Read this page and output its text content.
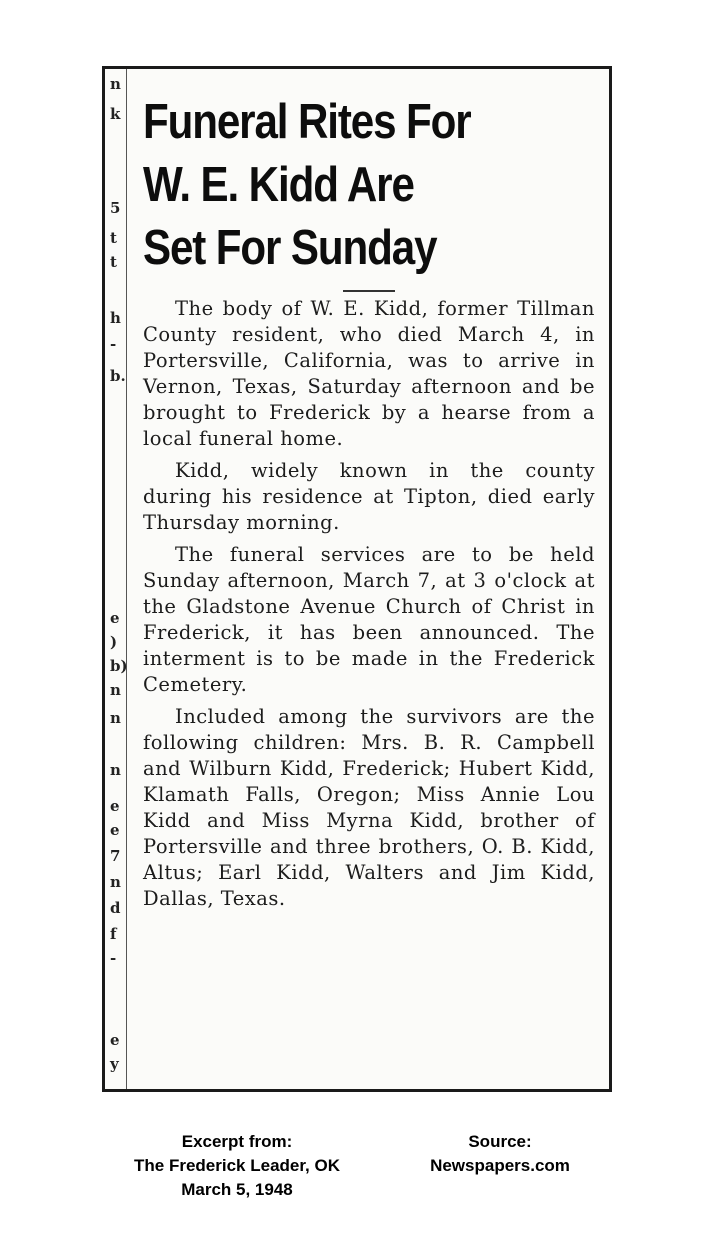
n
k
5
t
t
h
-
b.
e
)
b)
n
n
n
e
e
7
n
d
f
-
e
y
Funeral Rites For
W. E. Kidd Are
Set For Sunday

The body of W. E. Kidd, former Tillman County resident, who died March 4, in Portersville, California, was to arrive in Vernon, Texas, Saturday afternoon and be brought to Frederick by a hearse from a local funeral home.

Kidd, widely known in the county during his residence at Tipton, died early Thursday morning.

The funeral services are to be held Sunday afternoon, March 7, at 3 o'clock at the Gladstone Avenue Church of Christ in Frederick, it has been announced. The interment is to be made in the Frederick Cemetery.

Included among the survivors are the following children: Mrs. B. R. Campbell and Wilburn Kidd, Frederick; Hubert Kidd, Klamath Falls, Oregon; Miss Annie Lou Kidd and Miss Myrna Kidd, brother of Portersville and three brothers, O. B. Kidd, Altus; Earl Kidd, Walters and Jim Kidd, Dallas, Texas.

Excerpt from:
The Frederick Leader, OK
March 5, 1948
Source:
Newspapers.com
